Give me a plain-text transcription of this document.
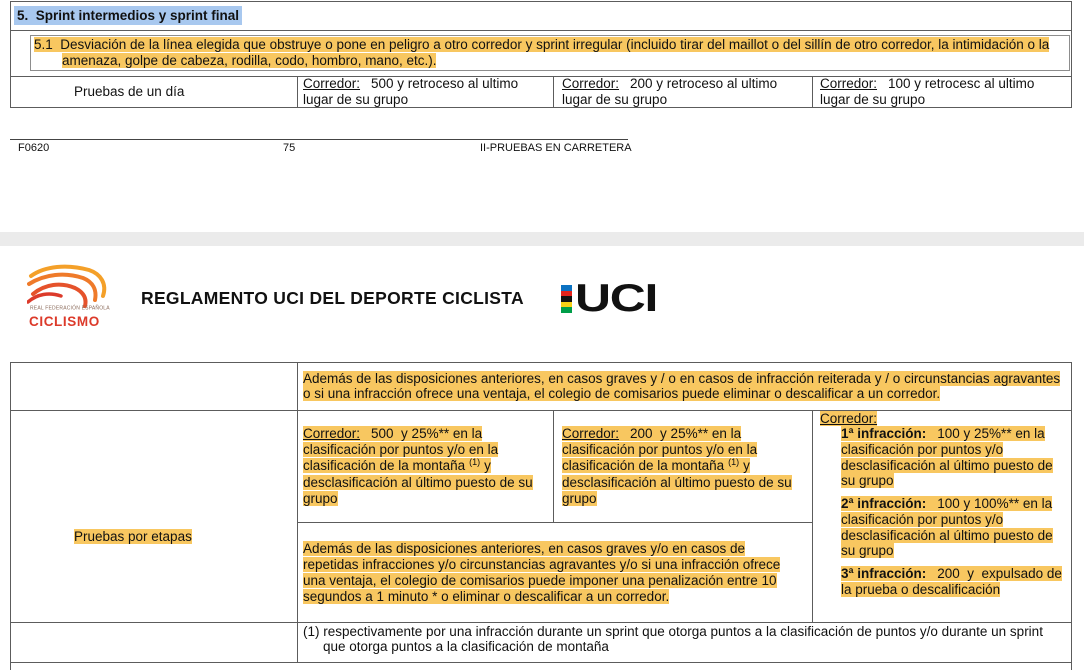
5.  Sprint intermedios y sprint final
5.1  Desviación de la línea elegida que obstruye o pone en peligro a otro corredor y sprint irregular (incluido tirar del maillot o del sillín de otro corredor, la intimidación o la
amenaza, golpe de cabeza, rodilla, codo, hombro, mano, etc.).
Pruebas de un día
Corredor: 500 y retroceso al ultimo
lugar de su grupo
Corredor: 200 y retroceso al ultimo
lugar de su grupo
Corredor: 100 y retrocesc al ultimo
lugar de su grupo
F0620	75	II-PRUEBAS EN CARRETERA
REAL FEDERACIÓN ESPAÑOLA
CICLISMO
REGLAMENTO UCI DEL DEPORTE CICLISTA UCI
Además de las disposiciones anteriores, en casos graves y / o en casos de infracción reiterada y / o circunstancias agravantes
o si una infracción ofrece una ventaja, el colegio de comisarios puede eliminar o descalificar a un corredor.
Pruebas por etapas
Corredor: 500  y 25%** en la
clasificación por puntos y/o en la
clasificación de la montaña $^{(1)}$ y
desclasificación al último puesto de su
grupo
Corredor: 200  y 25%** en la
clasificación por puntos y/o en la
clasificación de la montaña $^{(1)}$ y
desclasificación al último puesto de su
grupo
Además de las disposiciones anteriores, en casos graves y/o en casos de
repetidas infracciones y/o circunstancias agravantes y/o si una infracción ofrece
una ventaja, el colegio de comisarios puede imponer una penalización entre 10
segundos a 1 minuto * o eliminar o descalificar a un corredor.
Corredor:
1ª infracción: 100 y 25%** en la
clasificación por puntos y/o
desclasificación al último puesto de
su grupo
2ª infracción: 100 y 100%** en la
clasificación por puntos y/o
desclasificación al último puesto de
su grupo
3ª infracción: 200  y  expulsado de
la prueba o descalificación
(1) respectivamente por una infracción durante un sprint que otorga puntos a la clasificación de puntos y/o durante un sprint
que otorga puntos a la clasificación de montaña
